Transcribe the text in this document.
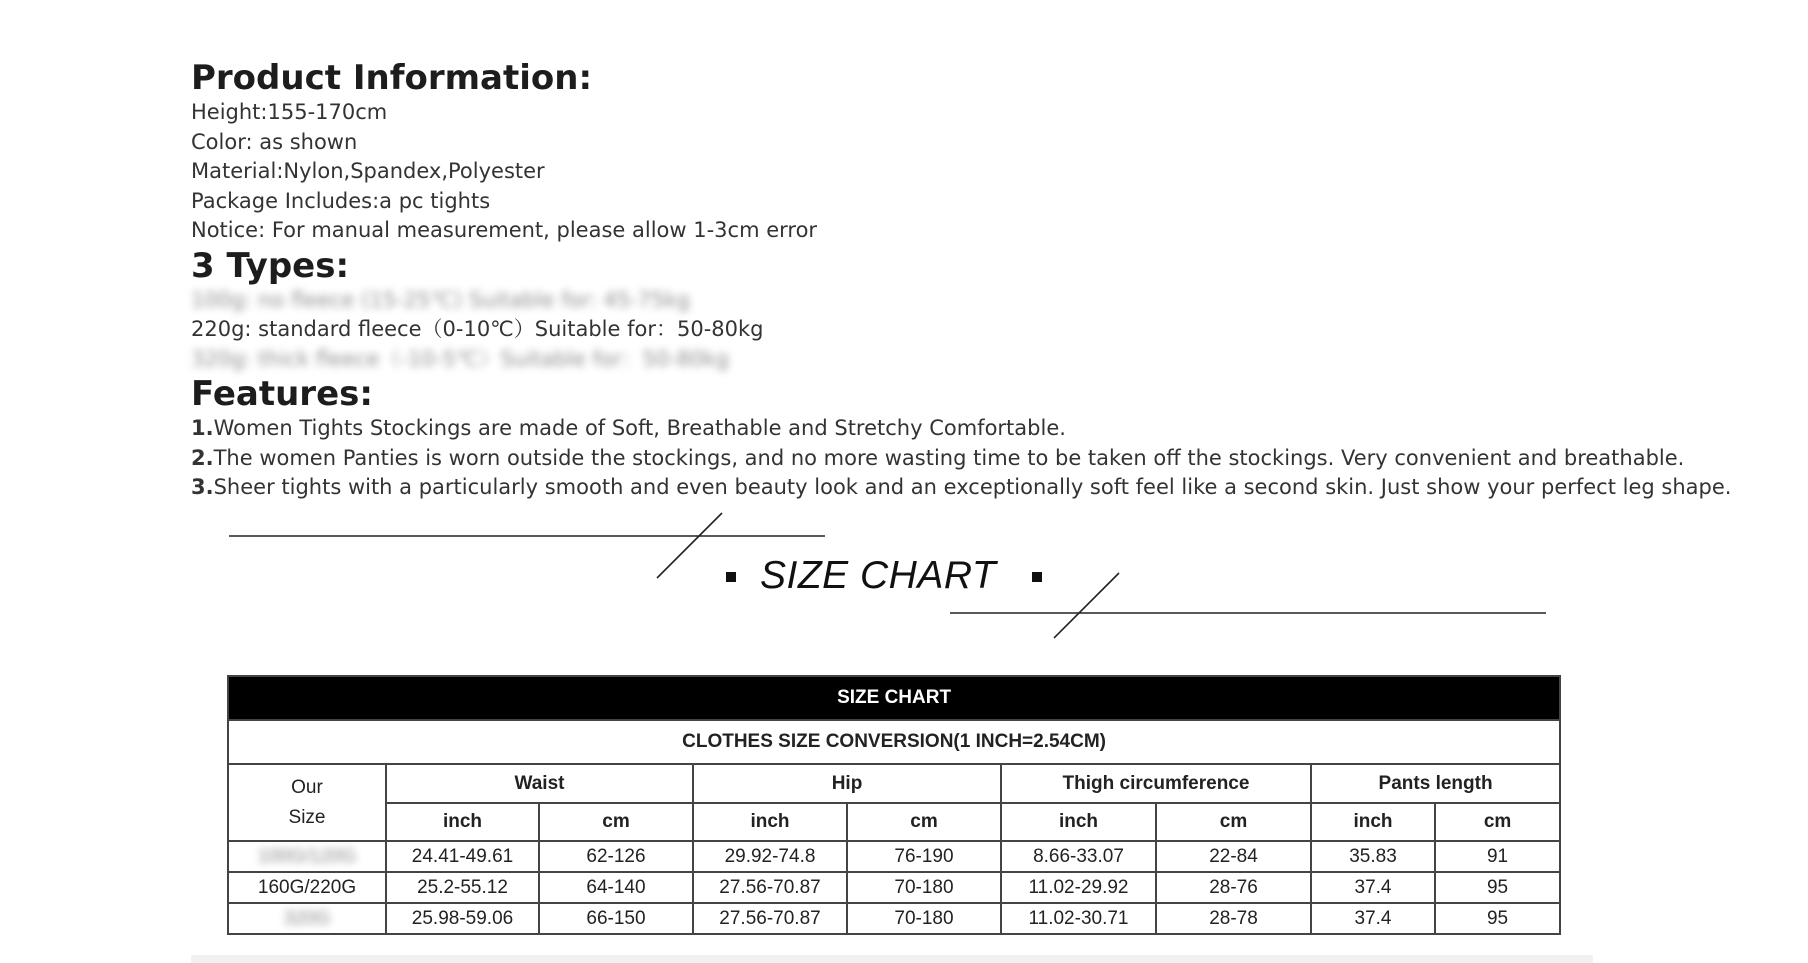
Product Information:
Height:155-170cm
Color: as shown
Material:Nylon,Spandex,Polyester
Package Includes:a pc tights
Notice: For manual measurement, please allow 1-3cm error
3 Types:
100g: no fleece (15-25℃) Suitable for: 45-75kg
220g: standard fleece（0-10℃）Suitable for：50-80kg
320g: thick fleece（-10-5℃）Suitable for：50-80kg
Features:
1.Women Tights Stockings are made of Soft, Breathable and Stretchy Comfortable.
2.The women Panties is worn outside the stockings, and no more wasting time to be taken off the stockings. Very convenient and breathable.
3.Sheer tights with a particularly smooth and even beauty look and an exceptionally soft feel like a second skin. Just show your perfect leg shape.
SIZE CHART
SIZE CHART								
CLOTHES SIZE CONVERSION(1 INCH=2.54CM)								
Our
Size	Waist		Hip		Thigh circumference		Pants length	
	inch	cm	inch	cm	inch	cm	inch	cm
100G/120G	24.41-49.61	62-126	29.92-74.8	76-190	8.66-33.07	22-84	35.83	91
160G/220G	25.2-55.12	64-140	27.56-70.87	70-180	11.02-29.92	28-76	37.4	95
320G	25.98-59.06	66-150	27.56-70.87	70-180	11.02-30.71	28-78	37.4	95
